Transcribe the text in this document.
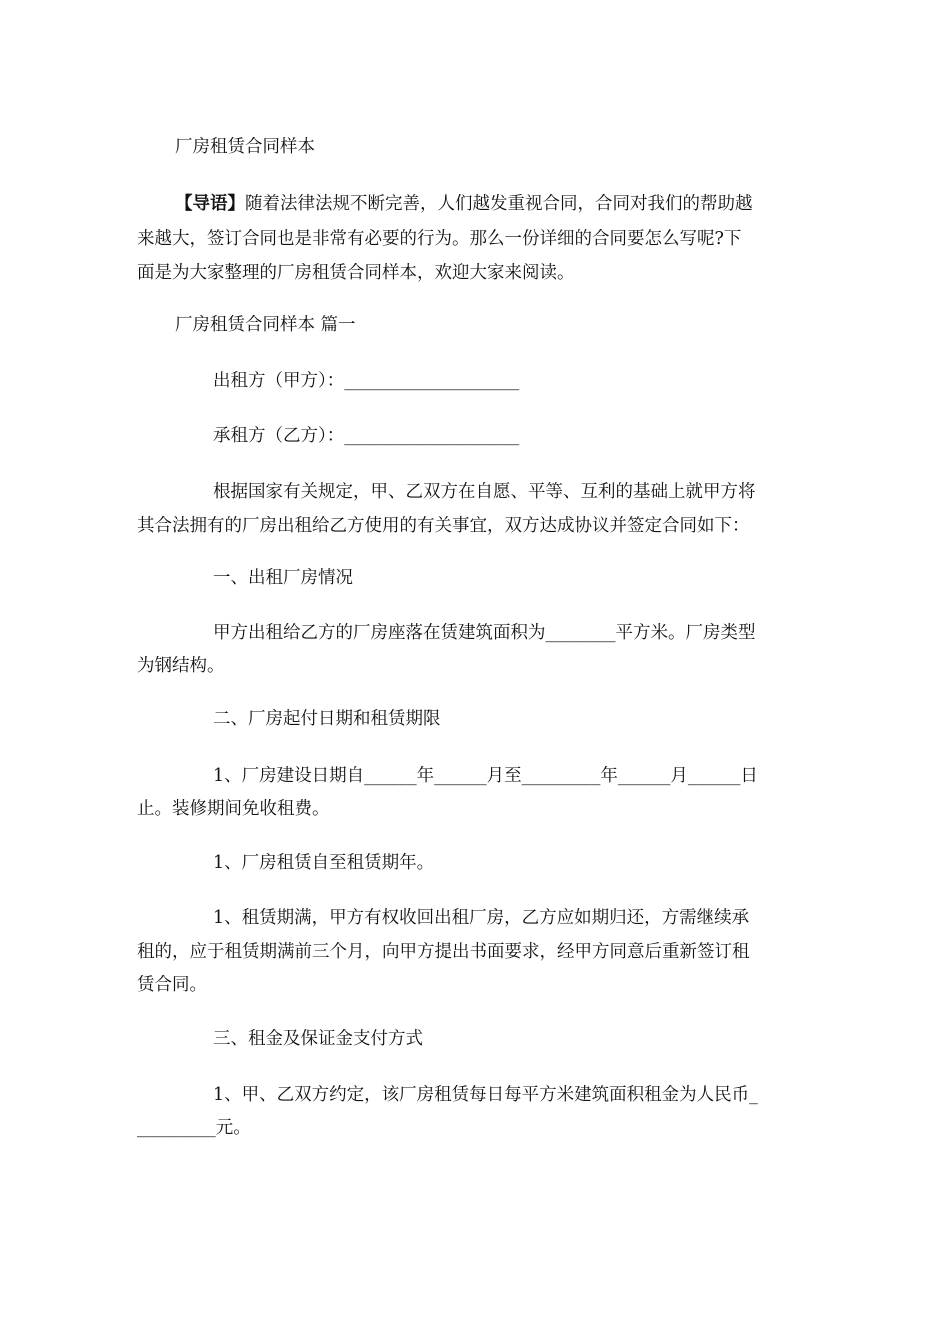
厂房租赁合同样本

【导语】随着法律法规不断完善，人们越发重视合同，合同对我们的帮助越

来越大，签订合同也是非常有必要的行为。那么一份详细的合同要怎么写呢?下

面是为大家整理的厂房租赁合同样本，欢迎大家来阅读。

厂房租赁合同样本 篇一

出租方（甲方）：____________________

承租方（乙方）：____________________

根据国家有关规定，甲、乙双方在自愿、平等、互利的基础上就甲方将

其合法拥有的厂房出租给乙方使用的有关事宜，双方达成协议并签定合同如下：

一、出租厂房情况

甲方出租给乙方的厂房座落在赁建筑面积为________平方米。厂房类型

为钢结构。

二、厂房起付日期和租赁期限

1、厂房建设日期自______年______月至_________年______月______日

止。装修期间免收租费。

1、厂房租赁自至租赁期年。

1、租赁期满，甲方有权收回出租厂房，乙方应如期归还，方需继续承

租的，应于租赁期满前三个月，向甲方提出书面要求，经甲方同意后重新签订租

赁合同。

三、租金及保证金支付方式

1、甲、乙双方约定，该厂房租赁每日每平方米建筑面积租金为人民币_

_________元。
